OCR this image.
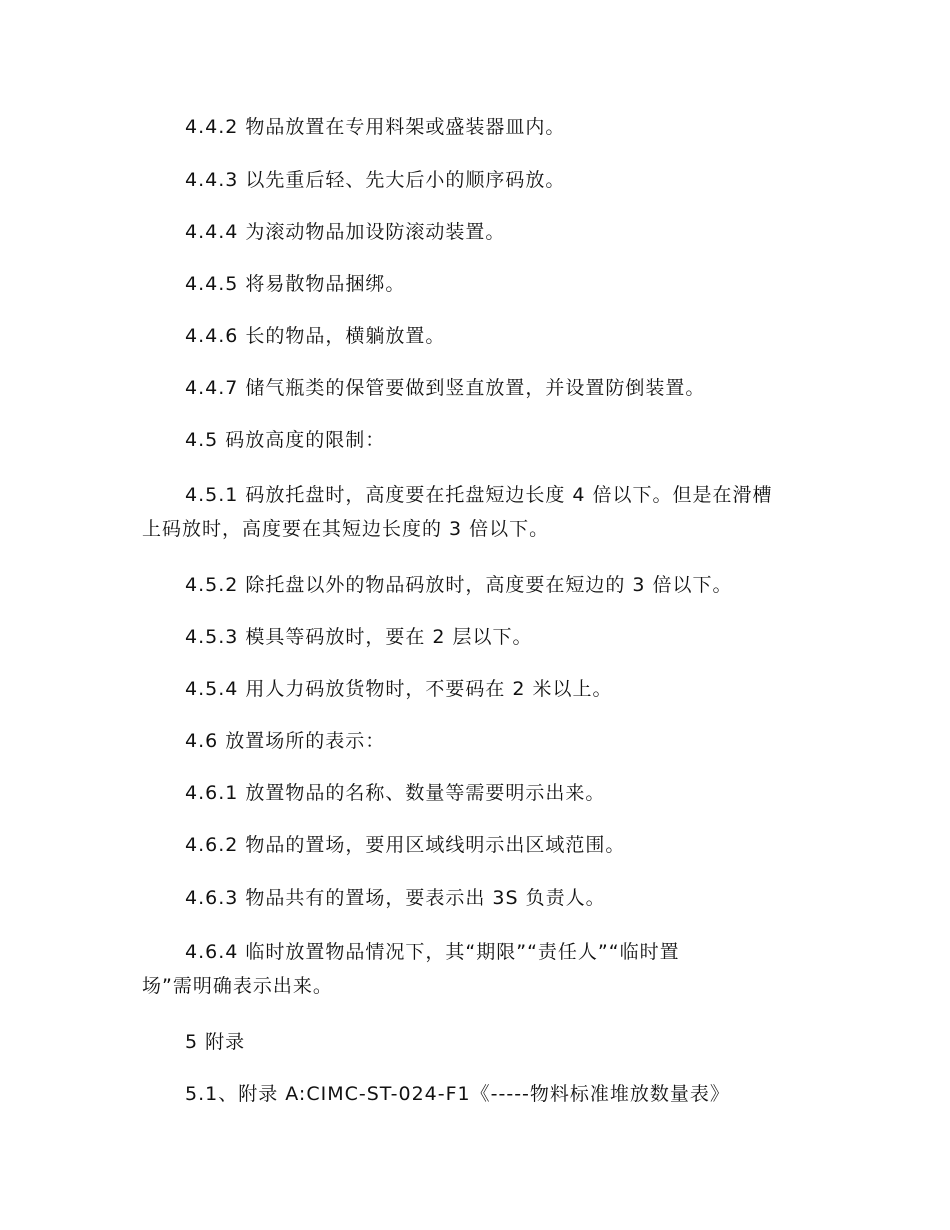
4.4.2 物品放置在专用料架或盛装器皿内。
4.4.3 以先重后轻、先大后小的顺序码放。
4.4.4 为滚动物品加设防滚动装置。
4.4.5 将易散物品捆绑。
4.4.6 长的物品，横躺放置。
4.4.7 储气瓶类的保管要做到竖直放置，并设置防倒装置。
4.5 码放高度的限制：
4.5.1 码放托盘时，高度要在托盘短边长度 4 倍以下。但是在滑槽
上码放时，高度要在其短边长度的 3 倍以下。
4.5.2 除托盘以外的物品码放时，高度要在短边的 3 倍以下。
4.5.3 模具等码放时，要在 2 层以下。
4.5.4 用人力码放货物时，不要码在 2 米以上。
4.6 放置场所的表示：
4.6.1 放置物品的名称、数量等需要明示出来。
4.6.2 物品的置场，要用区域线明示出区域范围。
4.6.3 物品共有的置场，要表示出 3S 负责人。
4.6.4 临时放置物品情况下，其“期限”“责任人”“临时置
场”需明确表示出来。
5 附录
5.1、附录 A:CIMC-ST-024-F1《-----物料标准堆放数量表》
